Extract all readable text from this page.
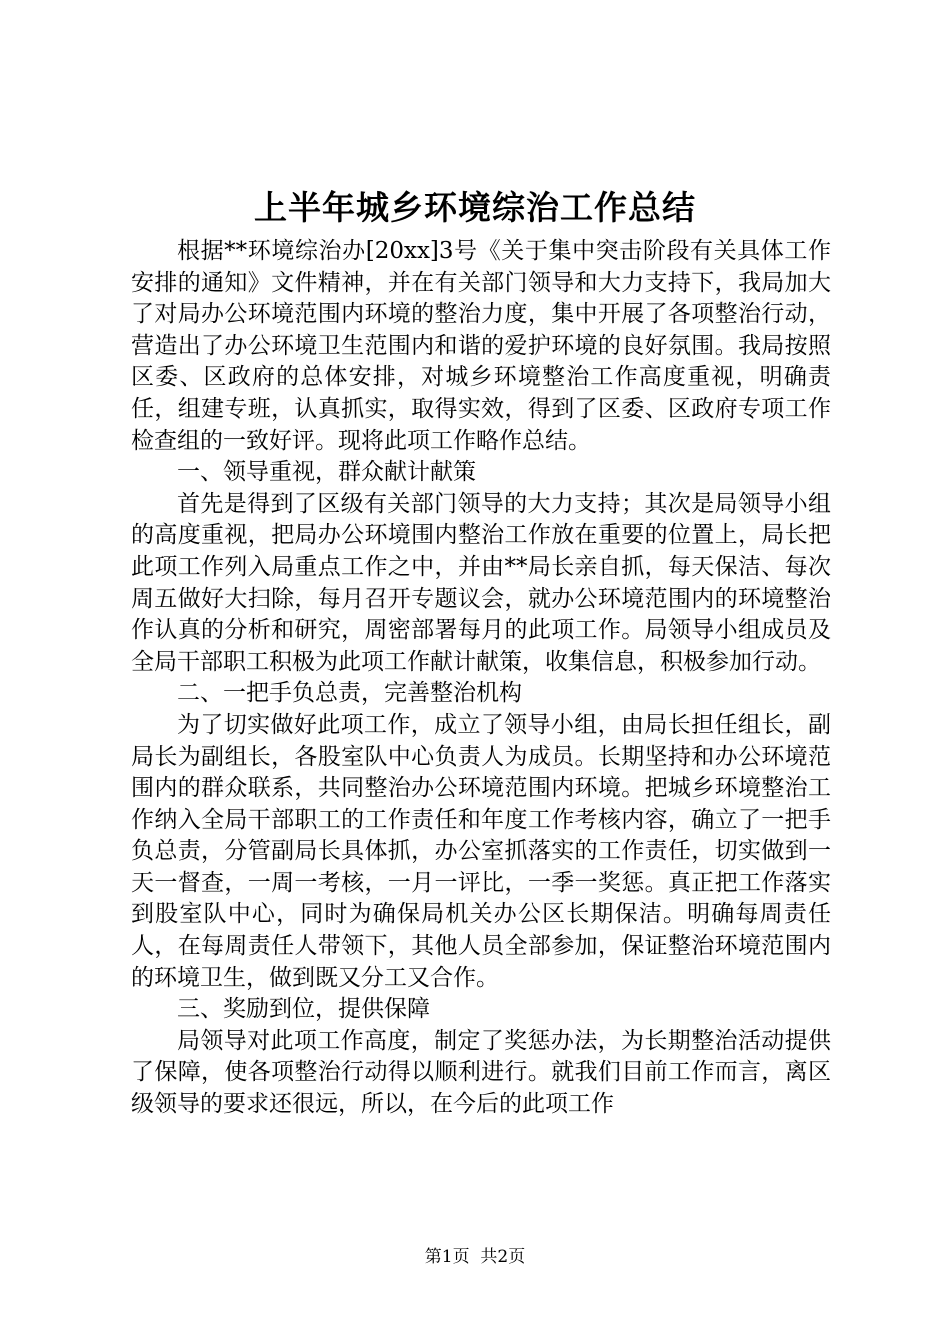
上半年城乡环境综治工作总结

根据**环境综治办[20xx]3号《关于集中突击阶段有关具体工作安排的通知》文件精神，并在有关部门领导和大力支持下，我局加大了对局办公环境范围内环境的整治力度，集中开展了各项整治行动，营造出了办公环境卫生范围内和谐的爱护环境的良好氛围。我局按照区委、区政府的总体安排，对城乡环境整治工作高度重视，明确责任，组建专班，认真抓实，取得实效，得到了区委、区政府专项工作检查组的一致好评。现将此项工作略作总结。

一、领导重视，群众献计献策

首先是得到了区级有关部门领导的大力支持；其次是局领导小组的高度重视，把局办公环境围内整治工作放在重要的位置上，局长把此项工作列入局重点工作之中，并由**局长亲自抓，每天保洁、每次周五做好大扫除，每月召开专题议会，就办公环境范围内的环境整治作认真的分析和研究，周密部署每月的此项工作。局领导小组成员及全局干部职工积极为此项工作献计献策，收集信息，积极参加行动。

二、一把手负总责，完善整治机构

为了切实做好此项工作，成立了领导小组，由局长担任组长，副局长为副组长，各股室队中心负责人为成员。长期坚持和办公环境范围内的群众联系，共同整治办公环境范围内环境。把城乡环境整治工作纳入全局干部职工的工作责任和年度工作考核内容，确立了一把手负总责，分管副局长具体抓，办公室抓落实的工作责任，切实做到一天一督查，一周一考核，一月一评比，一季一奖惩。真正把工作落实到股室队中心，同时为确保局机关办公区长期保洁。明确每周责任人，在每周责任人带领下，其他人员全部参加，保证整治环境范围内的环境卫生，做到既又分工又合作。

三、奖励到位，提供保障

局领导对此项工作高度，制定了奖惩办法，为长期整治活动提供了保障，使各项整治行动得以顺利进行。就我们目前工作而言，离区级领导的要求还很远，所以，在今后的此项工作

第1页 共2页
